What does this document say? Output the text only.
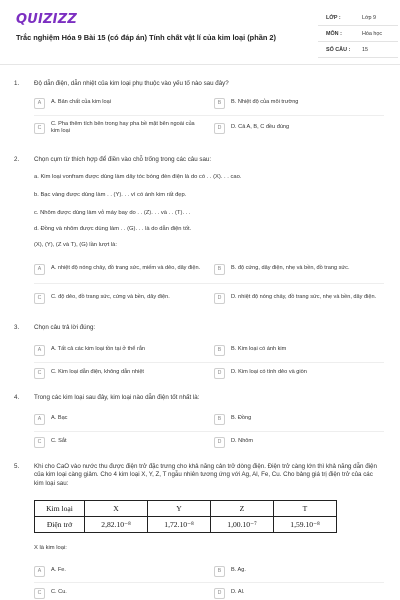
QUIZIZZ
Trắc nghiệm Hóa 9 Bài 15 (có đáp án) Tính chất vật lí của kim loại (phần 2)
LỚP :	Lớp 9
MÔN :	Hóa học
SỐ CÂU : 15
1. Độ dẫn điện, dẫn nhiệt của kim loại phụ thuộc vào yếu tố nào sau đây?
A	A. Bản chất của kim loại	B	B. Nhiệt độ của môi trường
C
C. Pha thêm tích bên trong hay pha bề mặt bên ngoài của kim loại	D	D. Cả A, B, C đều đúng
2. Chọn cụm từ thích hợp để điền vào chỗ trống trong các câu sau:
a. Kim loại vonfram được dùng làm dây tóc bóng đèn điện là do có . . (X). . . cao.
b. Bạc vàng được dùng làm . . (Y). . . vì có ánh kim rất đẹp.
c. Nhôm được dùng làm vỏ máy bay do . . (Z). . . và . . (T). . .
d. Đồng và nhôm được dùng làm . . (G). . . là do dẫn điện tốt.
(X), (Y), (Z và T), (G) lần lượt là:
A	A. nhiệt độ nóng chảy, đồ trang sức, miếm và dẻo, dây điện.	B	B. độ cứng, dây điện, nhẹ và bền, đồ trang sức.
C	C. độ dẻo, đồ trang sức, cứng và bền, dây điện.	D	D. nhiệt độ nóng chảy, đồ trang sức, nhẹ và bền, dây điện.
3. Chọn câu trả lời đúng:
A	A. Tất cả các kim loại tồn tại ở thể rắn	B	B. Kim loại có ánh kim
C	C. Kim loại dẫn điện, không dẫn nhiệt	D	D. Kim loại có tính dẻo và giòn
4. Trong các kim loại sau đây, kim loại nào dẫn điện tốt nhất là:
A	A. Bạc	B	B. Đồng
C	C. Sắt	D	D. Nhôm
5. Khi cho CaO vào nước thu được điện trở đặc trưng cho khả năng cản trở dòng điện. Điện trở càng lớn thì khả năng dẫn điện của kim loại càng giảm. Cho 4 kim loại X, Y, Z, T ngẫu nhiên tương ứng với Ag, Al, Fe, Cu. Cho bảng giá trị điện trở của các kim loại sau:
Kim loại	X	Y	Z	T
Điện trở	2,82.10⁻⁸	1,72.10⁻⁸	1,00.10⁻⁷	1,59.10⁻⁸
X là kim loại:
A	A. Fe.	B	B. Ag.
C	C. Cu.	D	D. Al.
